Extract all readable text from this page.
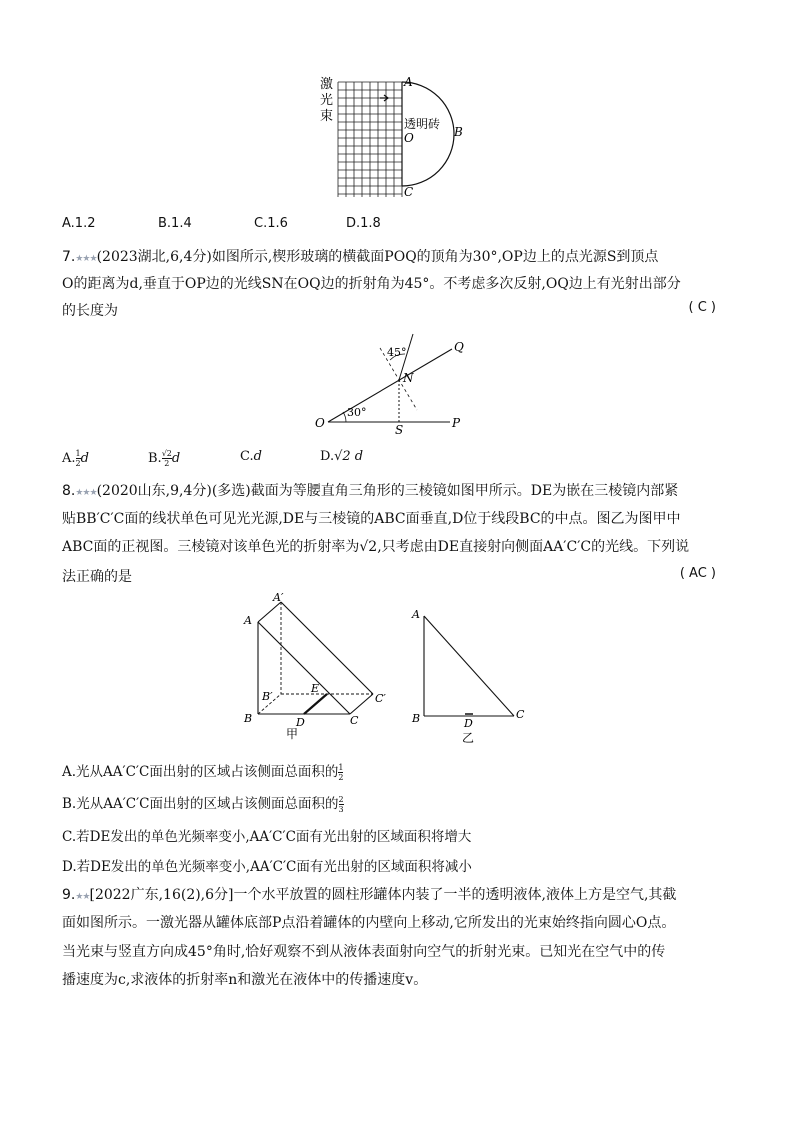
激
光
束
A
B
O
C
透明砖
A.1.2	B.1.4	C.1.6	D.1.8
7.★★★(2023湖北,6,4分)如图所示,楔形玻璃的横截面POQ的顶角为30°,OP边上的点光源S到顶点
O的距离为d,垂直于OP边的光线SN在OQ边的折射角为45°。不考虑多次反射,OQ边上有光射出部分
的长度为	( C )
O	P
Q
N
S
30°
45°
A. $\frac{1}{2}$ d	B. $\frac{√2}{2}$ d	C.d	D.√2 d
8.★★★(2020山东,9,4分)(多选)截面为等腰直角三角形的三棱镜如图甲所示。DE为嵌在三棱镜内部紧
贴BB′C′C面的线状单色可见光光源,DE与三棱镜的ABC面垂直,D位于线段BC的中点。图乙为图甲中
ABC面的正视图。三棱镜对该单色光的折射率为√2,只考虑由DE直接射向侧面AA′C′C的光线。下列说
法正确的是	( AC )
A
A′
B
B′
C
C′
D
E
甲
A
B	C
D
乙
A.光从AA′C′C面出射的区域占该侧面总面积的 $\frac{1}{2}$
B.光从AA′C′C面出射的区域占该侧面总面积的 $\frac{2}{3}$
C.若DE发出的单色光频率变小,AA′C′C面有光出射的区域面积将增大
D.若DE发出的单色光频率变小,AA′C′C面有光出射的区域面积将减小
9.★★[2022广东,16(2),6分]一个水平放置的圆柱形罐体内装了一半的透明液体,液体上方是空气,其截
面如图所示。一激光器从罐体底部P点沿着罐体的内壁向上移动,它所发出的光束始终指向圆心O点。
当光束与竖直方向成45°角时,恰好观察不到从液体表面射向空气的折射光束。已知光在空气中的传
播速度为c,求液体的折射率n和激光在液体中的传播速度v。
